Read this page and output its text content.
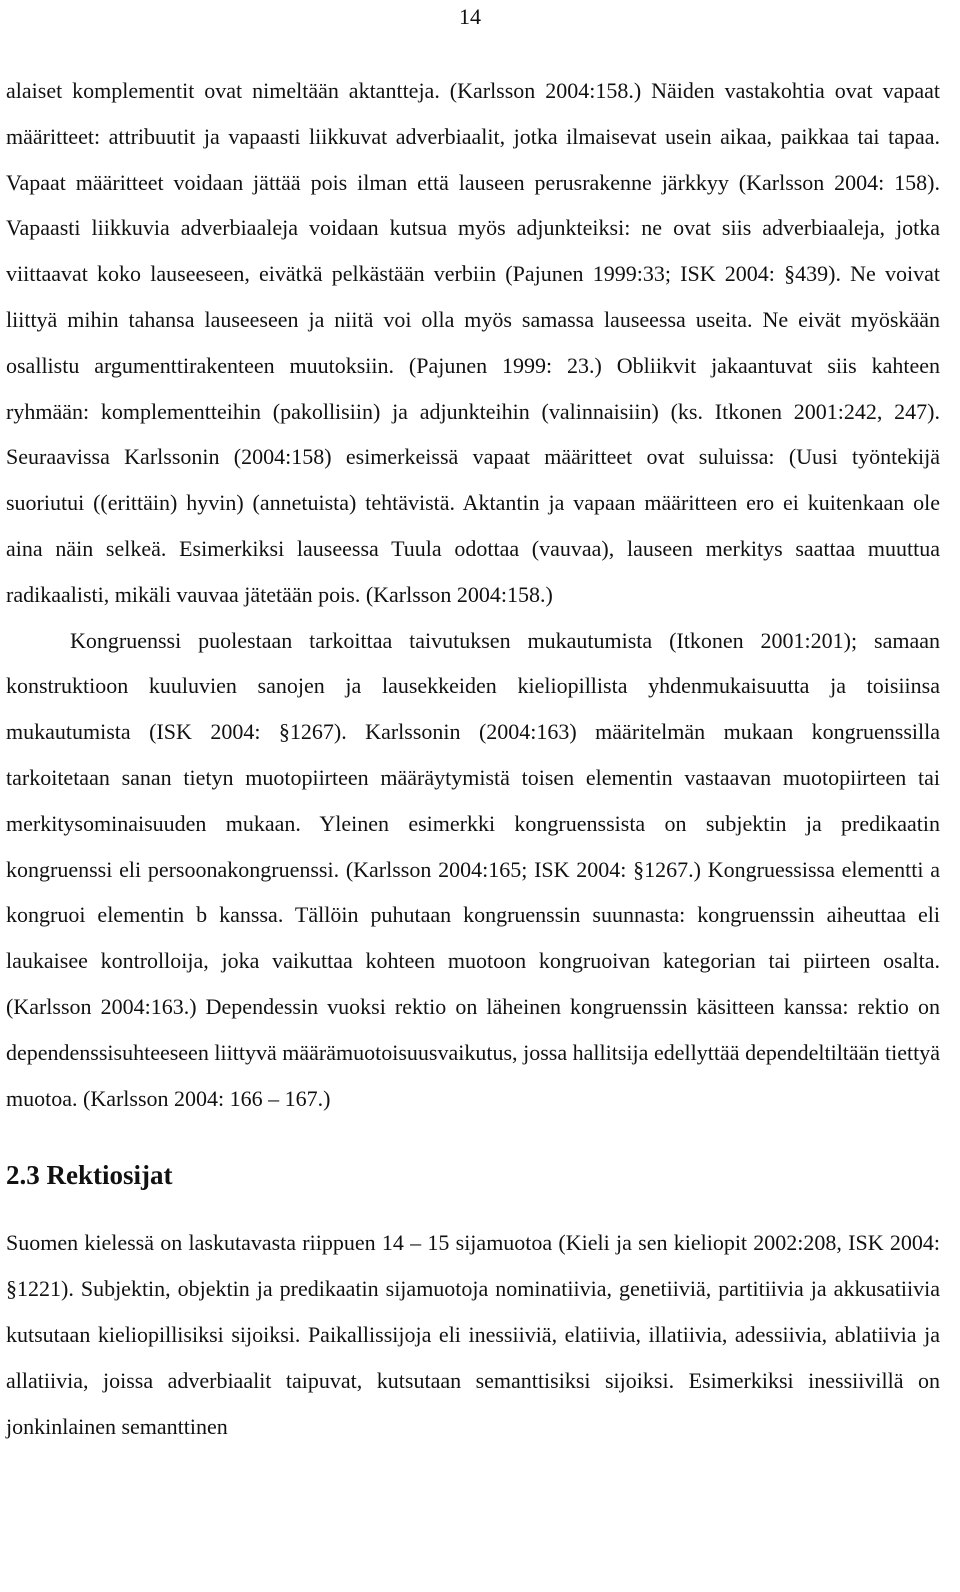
14

alaiset komplementit ovat nimeltään aktantteja. (Karlsson 2004:158.) Näiden vastakohtia ovat vapaat määritteet: attribuutit ja vapaasti liikkuvat adverbiaalit, jotka ilmaisevat usein aikaa, paikkaa tai tapaa. Vapaat määritteet voidaan jättää pois ilman että lauseen perusrakenne järkkyy (Karlsson 2004: 158). Vapaasti liikkuvia adverbiaaleja voidaan kutsua myös adjunkteiksi: ne ovat siis adverbiaaleja, jotka viittaavat koko lauseeseen, eivätkä pelkästään verbiin (Pajunen 1999:33; ISK 2004: §439). Ne voivat liittyä mihin tahansa lauseeseen ja niitä voi olla myös samassa lauseessa useita. Ne eivät myöskään osallistu argumenttirakenteen muutoksiin. (Pajunen 1999: 23.) Obliikvit jakaantuvat siis kahteen ryhmään: komplementteihin (pakollisiin) ja adjunkteihin (valinnaisiin) (ks. Itkonen 2001:242, 247). Seuraavissa Karlssonin (2004:158) esimerkeissä vapaat määritteet ovat suluissa: (Uusi työntekijä suoriutui ((erittäin) hyvin) (annetuista) tehtävistä. Aktantin ja vapaan määritteen ero ei kuitenkaan ole aina näin selkeä. Esimerkiksi lauseessa Tuula odottaa (vauvaa), lauseen merkitys saattaa muuttua radikaalisti, mikäli vauvaa jätetään pois. (Karlsson 2004:158.)

Kongruenssi puolestaan tarkoittaa taivutuksen mukautumista (Itkonen 2001:201); samaan konstruktioon kuuluvien sanojen ja lausekkeiden kieliopillista yhdenmukaisuutta ja toisiinsa mukautumista (ISK 2004: §1267). Karlssonin (2004:163) määritelmän mukaan kongruenssilla tarkoitetaan sanan tietyn muotopiirteen määräytymistä toisen elementin vastaavan muotopiirteen tai merkitysominaisuuden mukaan. Yleinen esimerkki kongruenssista on subjektin ja predikaatin kongruenssi eli persoonakongruenssi. (Karlsson 2004:165; ISK 2004: §1267.) Kongruessissa elementti a kongruoi elementin b kanssa. Tällöin puhutaan kongruenssin suunnasta: kongruenssin aiheuttaa eli laukaisee kontrolloija, joka vaikuttaa kohteen muotoon kongruoivan kategorian tai piirteen osalta. (Karlsson 2004:163.) Dependessin vuoksi rektio on läheinen kongruenssin käsitteen kanssa: rektio on dependenssisuhteeseen liittyvä määrämuotoisuusvaikutus, jossa hallitsija edellyttää dependeltiltään tiettyä muotoa. (Karlsson 2004: 166 – 167.)

2.3 Rektiosijat

Suomen kielessä on laskutavasta riippuen 14 – 15 sijamuotoa (Kieli ja sen kieliopit 2002:208, ISK 2004: §1221). Subjektin, objektin ja predikaatin sijamuotoja nominatiivia, genetiiviä, partitiivia ja akkusatiivia kutsutaan kieliopillisiksi sijoiksi. Paikallissijoja eli inessiiviä, elatiivia, illatiivia, adessiivia, ablatiivia ja allatiivia, joissa adverbiaalit taipuvat, kutsutaan semanttisiksi sijoiksi. Esimerkiksi inessiivillä on jonkinlainen semanttinen
